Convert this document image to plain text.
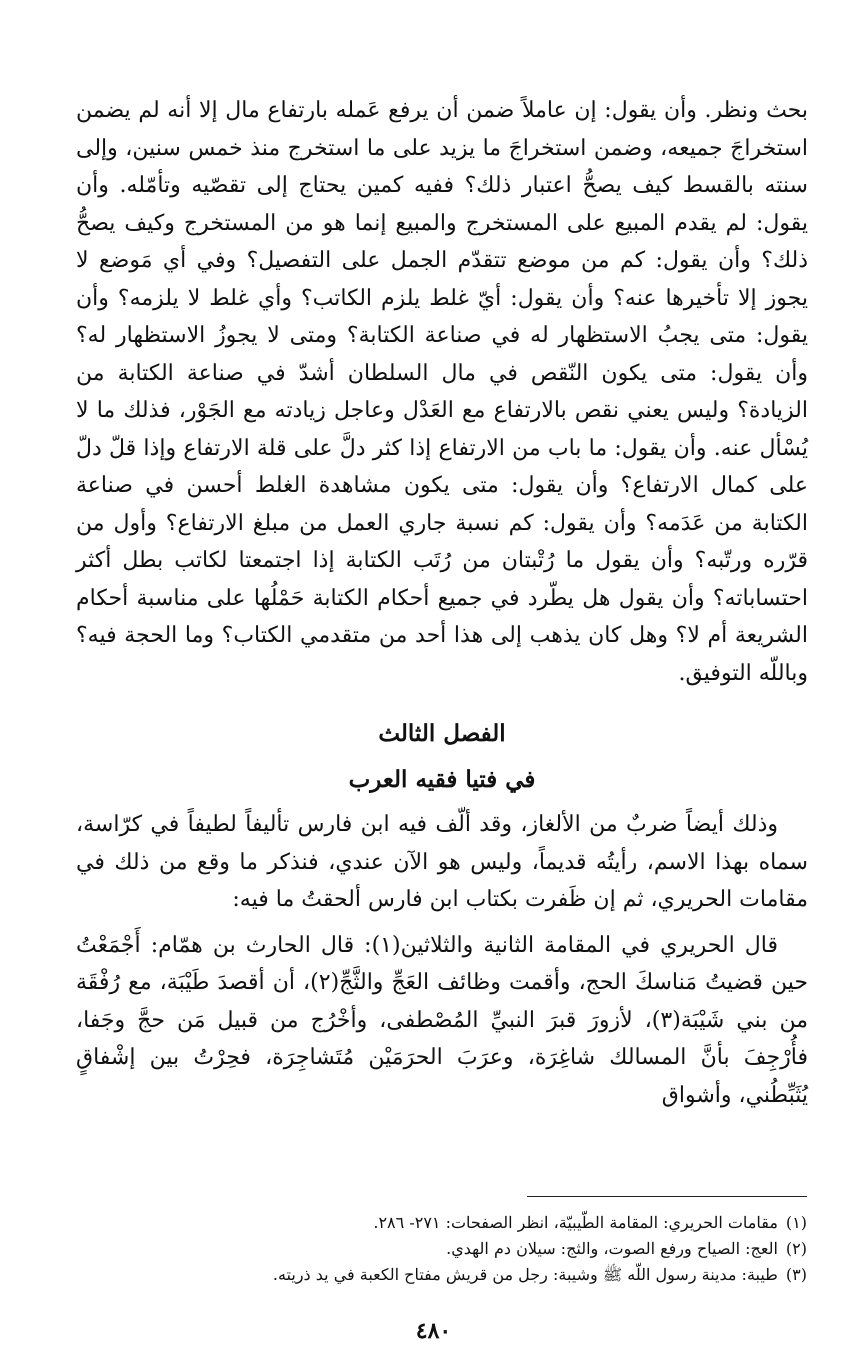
بحث ونظر. وأن يقول: إن عاملاً ضمن أن يرفع عَمله بارتفاع مال إلا أنه لم يضمن استخراجَ جميعه، وضمن استخراجَ ما يزيد على ما استخرج منذ خمس سنين، وإلى سنته بالقسط كيف يصحُّ اعتبار ذلك؟ ففيه كمين يحتاج إلى تقصّيه وتأمّله. وأن يقول: لم يقدم المبيع على المستخرج والمبيع إنما هو من المستخرج وكيف يصحُّ ذلك؟ وأن يقول: كم من موضع تتقدّم الجمل على التفصيل؟ وفي أي مَوضع لا يجوز إلا تأخيرها عنه؟ وأن يقول: أيّ غلط يلزم الكاتب؟ وأي غلط لا يلزمه؟ وأن يقول: متى يجبُ الاستظهار له في صناعة الكتابة؟ ومتى لا يجوزُ الاستظهار له؟ وأن يقول: متى يكون النّقص في مال السلطان أشدّ في صناعة الكتابة من الزيادة؟ وليس يعني نقص بالارتفاع مع العَدْل وعاجل زيادته مع الجَوْر، فذلك ما لا يُسْأل عنه. وأن يقول: ما باب من الارتفاع إذا كثر دلَّ على قلة الارتفاع وإذا قلّ دلّ على كمال الارتفاع؟ وأن يقول: متى يكون مشاهدة الغلط أحسن في صناعة الكتابة من عَدَمه؟ وأن يقول: كم نسبة جاري العمل من مبلغ الارتفاع؟ وأول من قرّره ورتّبه؟ وأن يقول ما رُتْبتان من رُتَب الكتابة إذا اجتمعتا لكاتب بطل أكثر احتساباته؟ وأن يقول هل يطّرد في جميع أحكام الكتابة حَمْلُها على مناسبة أحكام الشريعة أم لا؟ وهل كان يذهب إلى هذا أحد من متقدمي الكتاب؟ وما الحجة فيه؟ وباللّه التوفيق.

الفصل الثالث
في فتيا فقيه العرب

وذلك أيضاً ضربٌ من الألغاز، وقد ألّف فيه ابن فارس تأليفاً لطيفاً في كرّاسة، سماه بهذا الاسم، رأيتُه قديماً، وليس هو الآن عندي، فنذكر ما وقع من ذلك في مقامات الحريري، ثم إن ظَفرت بكتاب ابن فارس ألحقتُ ما فيه:

قال الحريري في المقامة الثانية والثلاثين(١): قال الحارث بن همّام: أَجْمَعْتُ حين قضيتُ مَناسكَ الحج، وأقمت وظائف العَجِّ والثَّجِّ(٢)، أن أقصدَ طَيْبَة، مع رُفْقَة من بني شَيْبَة(٣)، لأزورَ قبرَ النبيِّ المُصْطفى، وأخْرُج من قبيل مَن حجَّ وجَفا، فأُرْجِفَ بأنَّ المسالك شاغِرَة، وعرَبَ الحرَمَيْن مُتَشاجِرَة، فحِرْتُ بين إشْفاقٍ يُثَبِّطُني، وأشواق

(١)مقامات الحريري: المقامة الطّيبيّة، انظر الصفحات: ٢٧١- ٢٨٦.

(٢)العج: الصياح ورفع الصوت، والثج: سيلان دم الهدي.

(٣)طيبة: مدينة رسول اللّه ﷺ وشيبة: رجل من قريش مفتاح الكعبة في يد ذريته.

٤٨٠
